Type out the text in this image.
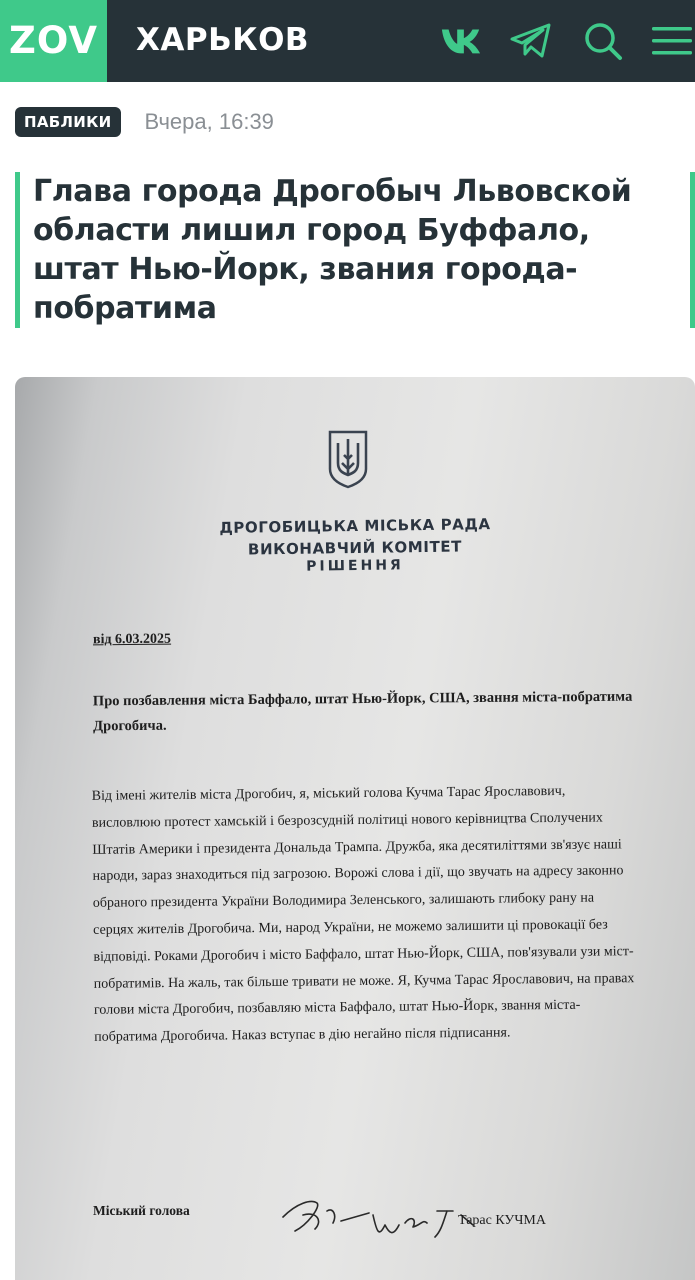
ZOV ХАРЬКОВ
ПАБЛИКИ	Вчера, 16:39
Глава города Дрогобыч Львовской области лишил город Буффало, штат Нью-Йорк, звания города-побратима
ДРОГОБИЦЬКА МІСЬКА РАДА
ВИКОНАВЧИЙ КОМІТЕТ
РІШЕННЯ
від 6.03.2025
Про позбавлення міста Баффало, штат Нью-Йорк, США, звання міста-побратима Дрогобича.
Від імені жителів міста Дрогобич, я, міський голова Кучма Тарас Ярославович, висловлюю протест хамській і безрозсудній політиці нового керівництва Сполучених Штатів Америки і президента Дональда Трампа. Дружба, яка десятиліттями зв'язує наші народи, зараз знаходиться під загрозою. Ворожі слова і дії, що звучать на адресу законно обраного президента України Володимира Зеленського, залишають глибоку рану на серцях жителів Дрогобича. Ми, народ України, не можемо залишити ці провокації без відповіді. Роками Дрогобич і місто Баффало, штат Нью-Йорк, США, пов'язували узи міст-побратимів. На жаль, так більше тривати не може. Я, Кучма Тарас Ярославович, на правах голови міста Дрогобич, позбавляю міста Баффало, штат Нью-Йорк, звання міста-побратима Дрогобича. Наказ вступає в дію негайно після підписання.
Міський голова
Тарас КУЧМА
